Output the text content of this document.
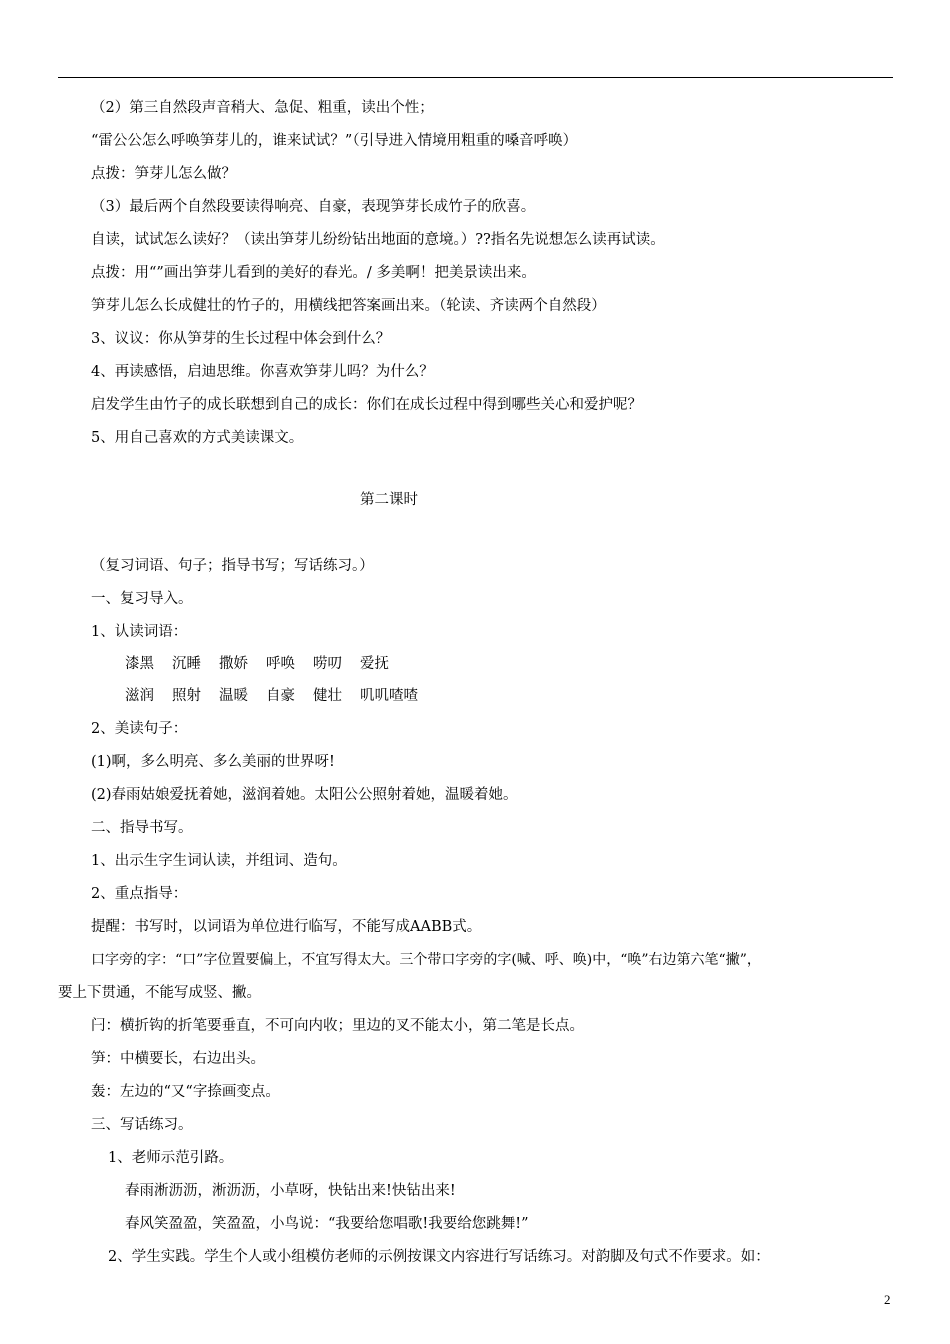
（2）第三自然段声音稍大、急促、粗重，读出个性；
“雷公公怎么呼唤笋芽儿的，谁来试试？”（引导进入情境用粗重的嗓音呼唤）
点拨：笋芽儿怎么做？
（3）最后两个自然段要读得响亮、自豪，表现笋芽长成竹子的欣喜。
自读，试试怎么读好？（读出笋芽儿纷纷钻出地面的意境。）??指名先说想怎么读再试读。
点拨：用“”画出笋芽儿看到的美好的春光。/ 多美啊！把美景读出来。
笋芽儿怎么长成健壮的竹子的，用横线把答案画出来。（轮读、齐读两个自然段）
3、议议：你从笋芽的生长过程中体会到什么？
4、再读感悟，启迪思维。你喜欢笋芽儿吗？为什么？
启发学生由竹子的成长联想到自己的成长：你们在成长过程中得到哪些关心和爱护呢？
5、用自己喜欢的方式美读课文。
第二课时
（复习词语、句子；指导书写；写话练习。）
一、复习导入。
1、认读词语：
漆黑 沉睡 撒娇 呼唤 唠叨 爱抚
滋润 照射 温暖 自豪 健壮 叽叽喳喳
2、美读句子：
(1)啊，多么明亮、多么美丽的世界呀!
(2)春雨姑娘爱抚着她，滋润着她。太阳公公照射着她，温暖着她。
二、指导书写。
1、出示生字生词认读，并组词、造句。
2、重点指导：
提醒：书写时，以词语为单位进行临写，不能写成AABB式。
口字旁的字：“口”字位置要偏上，不宜写得太大。三个带口字旁的字(喊、呼、唤)中，“唤”右边第六笔“撇”，
要上下贯通，不能写成竖、撇。
闩：横折钩的折笔要垂直，不可向内收；里边的叉不能太小，第二笔是长点。
笋：中横要长，右边出头。
轰：左边的“又“字捺画变点。
三、写话练习。
1、老师示范引路。
春雨淅沥沥，淅沥沥，小草呀，快钻出来!快钻出来!
春风笑盈盈，笑盈盈，小鸟说：“我要给您唱歌!我要给您跳舞!”
2、学生实践。学生个人或小组模仿老师的示例按课文内容进行写话练习。对韵脚及句式不作要求。如：
2
